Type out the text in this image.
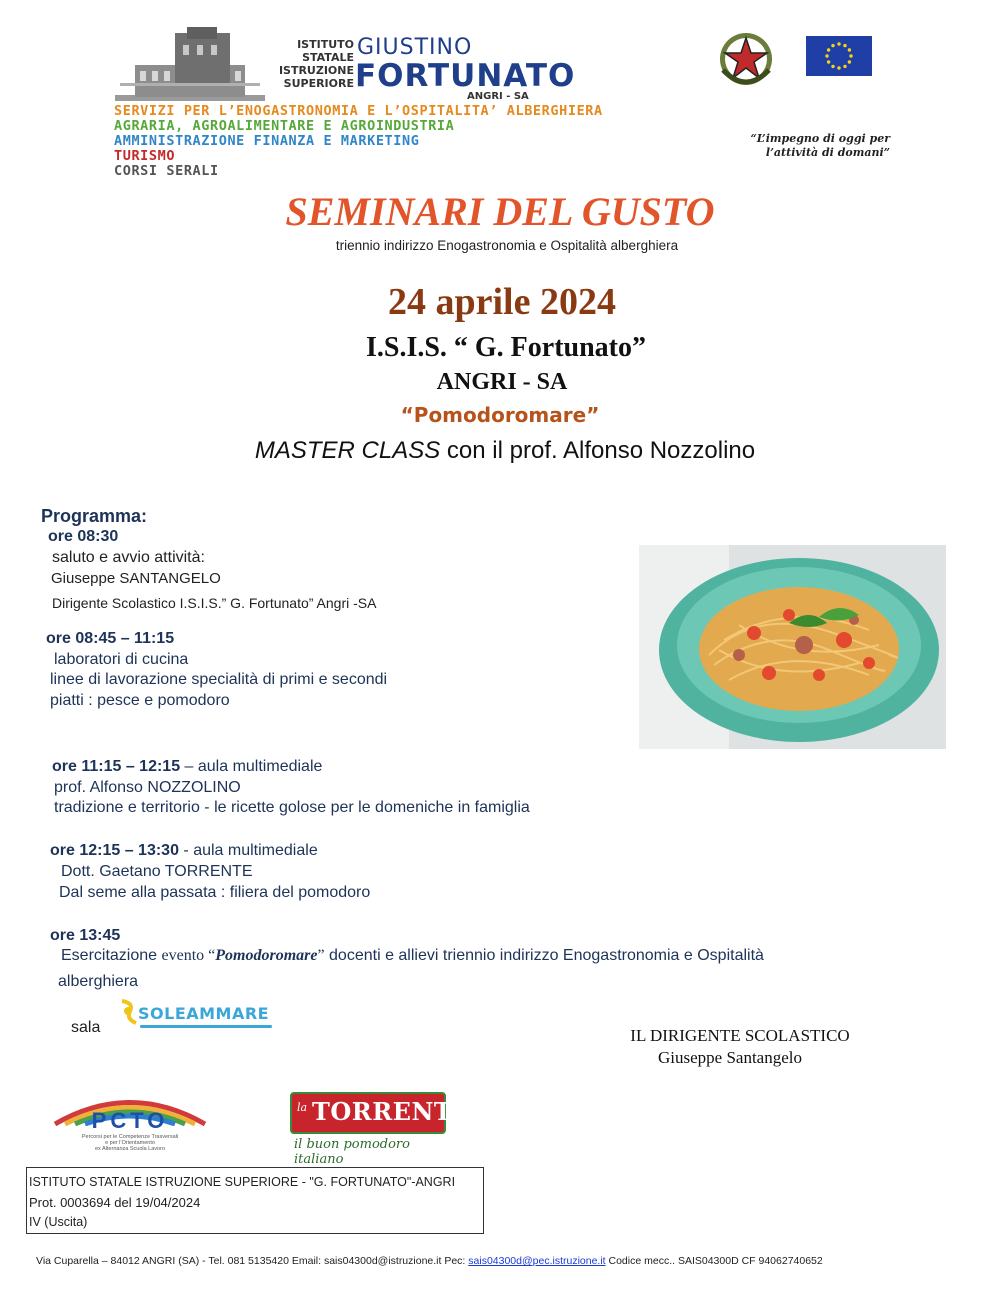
ISTITUTO
STATALE
ISTRUZIONE
SUPERIORE
GIUSTINO
FORTUNATO
ANGRI - SA
SERVIZI PER L’ENOGASTRONOMIA E L’OSPITALITA’ ALBERGHIERA
AGRARIA, AGROALIMENTARE E AGROINDUSTRIA
AMMINISTRAZIONE FINANZA E MARKETING
TURISMO
CORSI SERALI
“L’impegno di oggi per
l’attività di domani”
SEMINARI DEL GUSTO
triennio indirizzo Enogastronomia e Ospitalità alberghiera
24 aprile 2024
I.S.I.S. “ G. Fortunato”
ANGRI - SA
“Pomodoromare”
MASTER CLASS con il prof. Alfonso Nozzolino
Programma:
ore 08:30
saluto e avvio attività:
Giuseppe SANTANGELO
Dirigente Scolastico I.S.I.S.” G. Fortunato” Angri -SA
ore 08:45 – 11:15
laboratori di cucina
linee di lavorazione specialità di primi e secondi
piatti : pesce e pomodoro
ore 11:15 – 12:15 – aula multimediale
prof. Alfonso NOZZOLINO
tradizione e territorio - le ricette golose per le domeniche in famiglia
ore 12:15 – 13:30 - aula multimediale
Dott. Gaetano TORRENTE
Dal seme alla passata : filiera del pomodoro
ore 13:45
Esercitazione evento “Pomodoromare” docenti e allievi triennio indirizzo Enogastronomia e Ospitalità
alberghiera
sala
SOLEAMMARE
IL DIRIGENTE SCOLASTICO
Giuseppe Santangelo
PCTO
Percorsi per le Competenze Trasversali
e per l’Orientamento
ex Alternanza Scuola Lavoro
la TORRENTE
il buon pomodoro italiano
ISTITUTO STATALE ISTRUZIONE SUPERIORE - "G. FORTUNATO"-ANGRI
Prot. 0003694 del 19/04/2024
IV (Uscita)
Via Cuparella – 84012 ANGRI (SA) - Tel. 081 5135420 Email: sais04300d@istruzione.it Pec: sais04300d@pec.istruzione.it Codice mecc.. SAIS04300D CF 94062740652
